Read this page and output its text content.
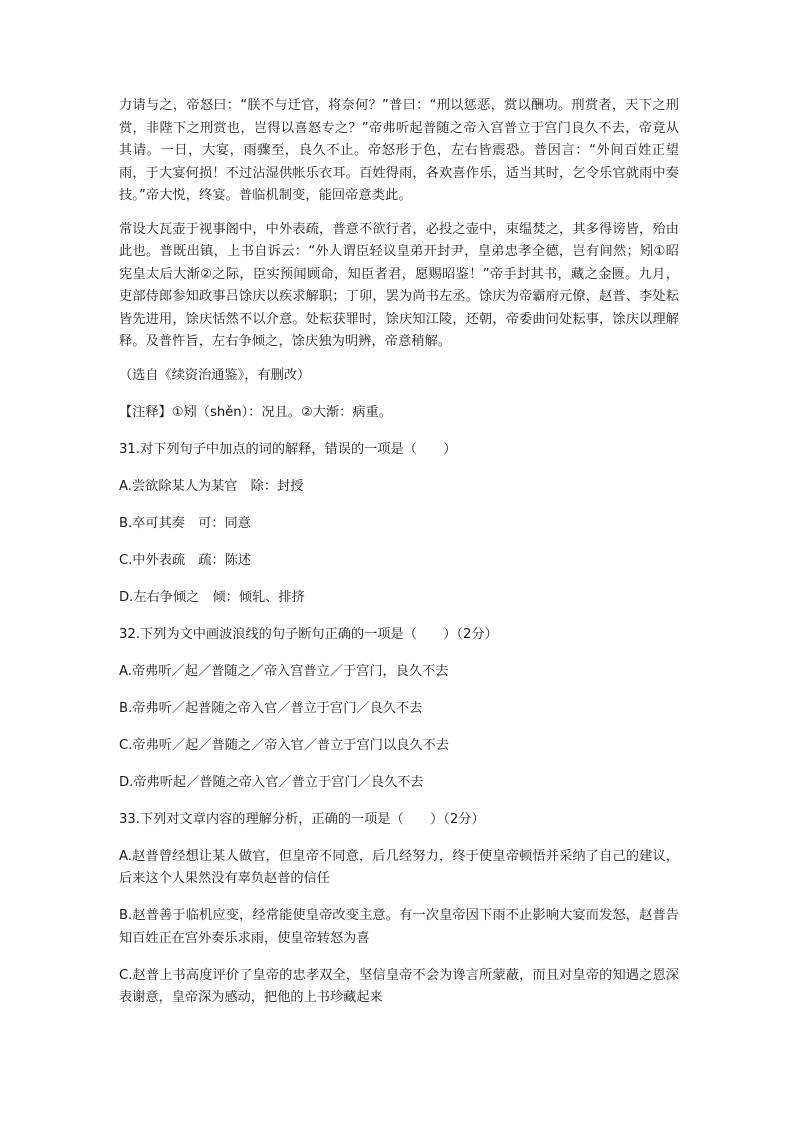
力请与之，帝怒曰：“朕不与迁官，将奈何？”普曰：“刑以惩恶，赏以酬功。刑赏者，天下之刑赏，非陛下之刑赏也，岂得以喜怒专之？”帝弗听起普随之帝入宫普立于宫门良久不去，帝竟从其请。一日，大宴，雨骤至，良久不止。帝怒形于色，左右皆震恐。普因言：“外间百姓正望雨，于大宴何损！不过沾湿供帐乐衣耳。百姓得雨，各欢喜作乐，适当其时，乞令乐官就雨中奏技。”帝大悦，终宴。普临机制变，能回帝意类此。

常设大瓦壶于视事阁中，中外表疏，普意不欲行者，必投之壶中，束缊焚之，其多得谤皆，殆由此也。普既出镇，上书自诉云：“外人谓臣轻议皇弟开封尹，皇弟忠孝全德，岂有间然；矧①昭宪皇太后大渐②之际，臣实预闻顾命，知臣者君，愿赐昭鉴！”帝手封其书，藏之金匮。九月，吏部侍郎参知政事吕馀庆以疾求解职；丁卯，罢为尚书左丞。馀庆为帝霸府元僚，赵普、李处耘皆先进用，馀庆恬然不以介意。处耘获罪时，馀庆知江陵，还朝，帝委曲问处耘事，馀庆以理解释。及普忤旨，左右争倾之，馀庆独为明辨，帝意稍解。

（选自《续资治通鉴》，有删改）

【注释】①矧（shěn）：况且。②大渐：病重。

31.对下列句子中加点的词的解释，错误的一项是（　　）

A.尝欲除某人为某官　除：封授

B.卒可其奏　可：同意

C.中外表疏　疏：陈述

D.左右争倾之　倾：倾轧、排挤

32.下列为文中画波浪线的句子断句正确的一项是（　　）（2分）

A.帝弗听／起／普随之／帝入宫普立／于宫门，良久不去

B.帝弗听／起普随之帝入官／普立于宫门／良久不去

C.帝弗听／起／普随之／帝入官／普立于宫门以良久不去

D.帝弗听起／普随之帝入官／普立于宫门／良久不去

33.下列对文章内容的理解分析，正确的一项是（　　）（2分）

A.赵普曾经想让某人做官，但皇帝不同意，后几经努力，终于使皇帝顿悟并采纳了自己的建议，后来这个人果然没有辜负赵普的信任

B.赵普善于临机应变，经常能使皇帝改变主意。有一次皇帝因下雨不止影响大宴而发怒，赵普告知百姓正在宫外奏乐求雨，使皇帝转怒为喜

C.赵普上书高度评价了皇帝的忠孝双全，坚信皇帝不会为谗言所蒙蔽，而且对皇帝的知遇之恩深表谢意，皇帝深为感动，把他的上书珍藏起来
